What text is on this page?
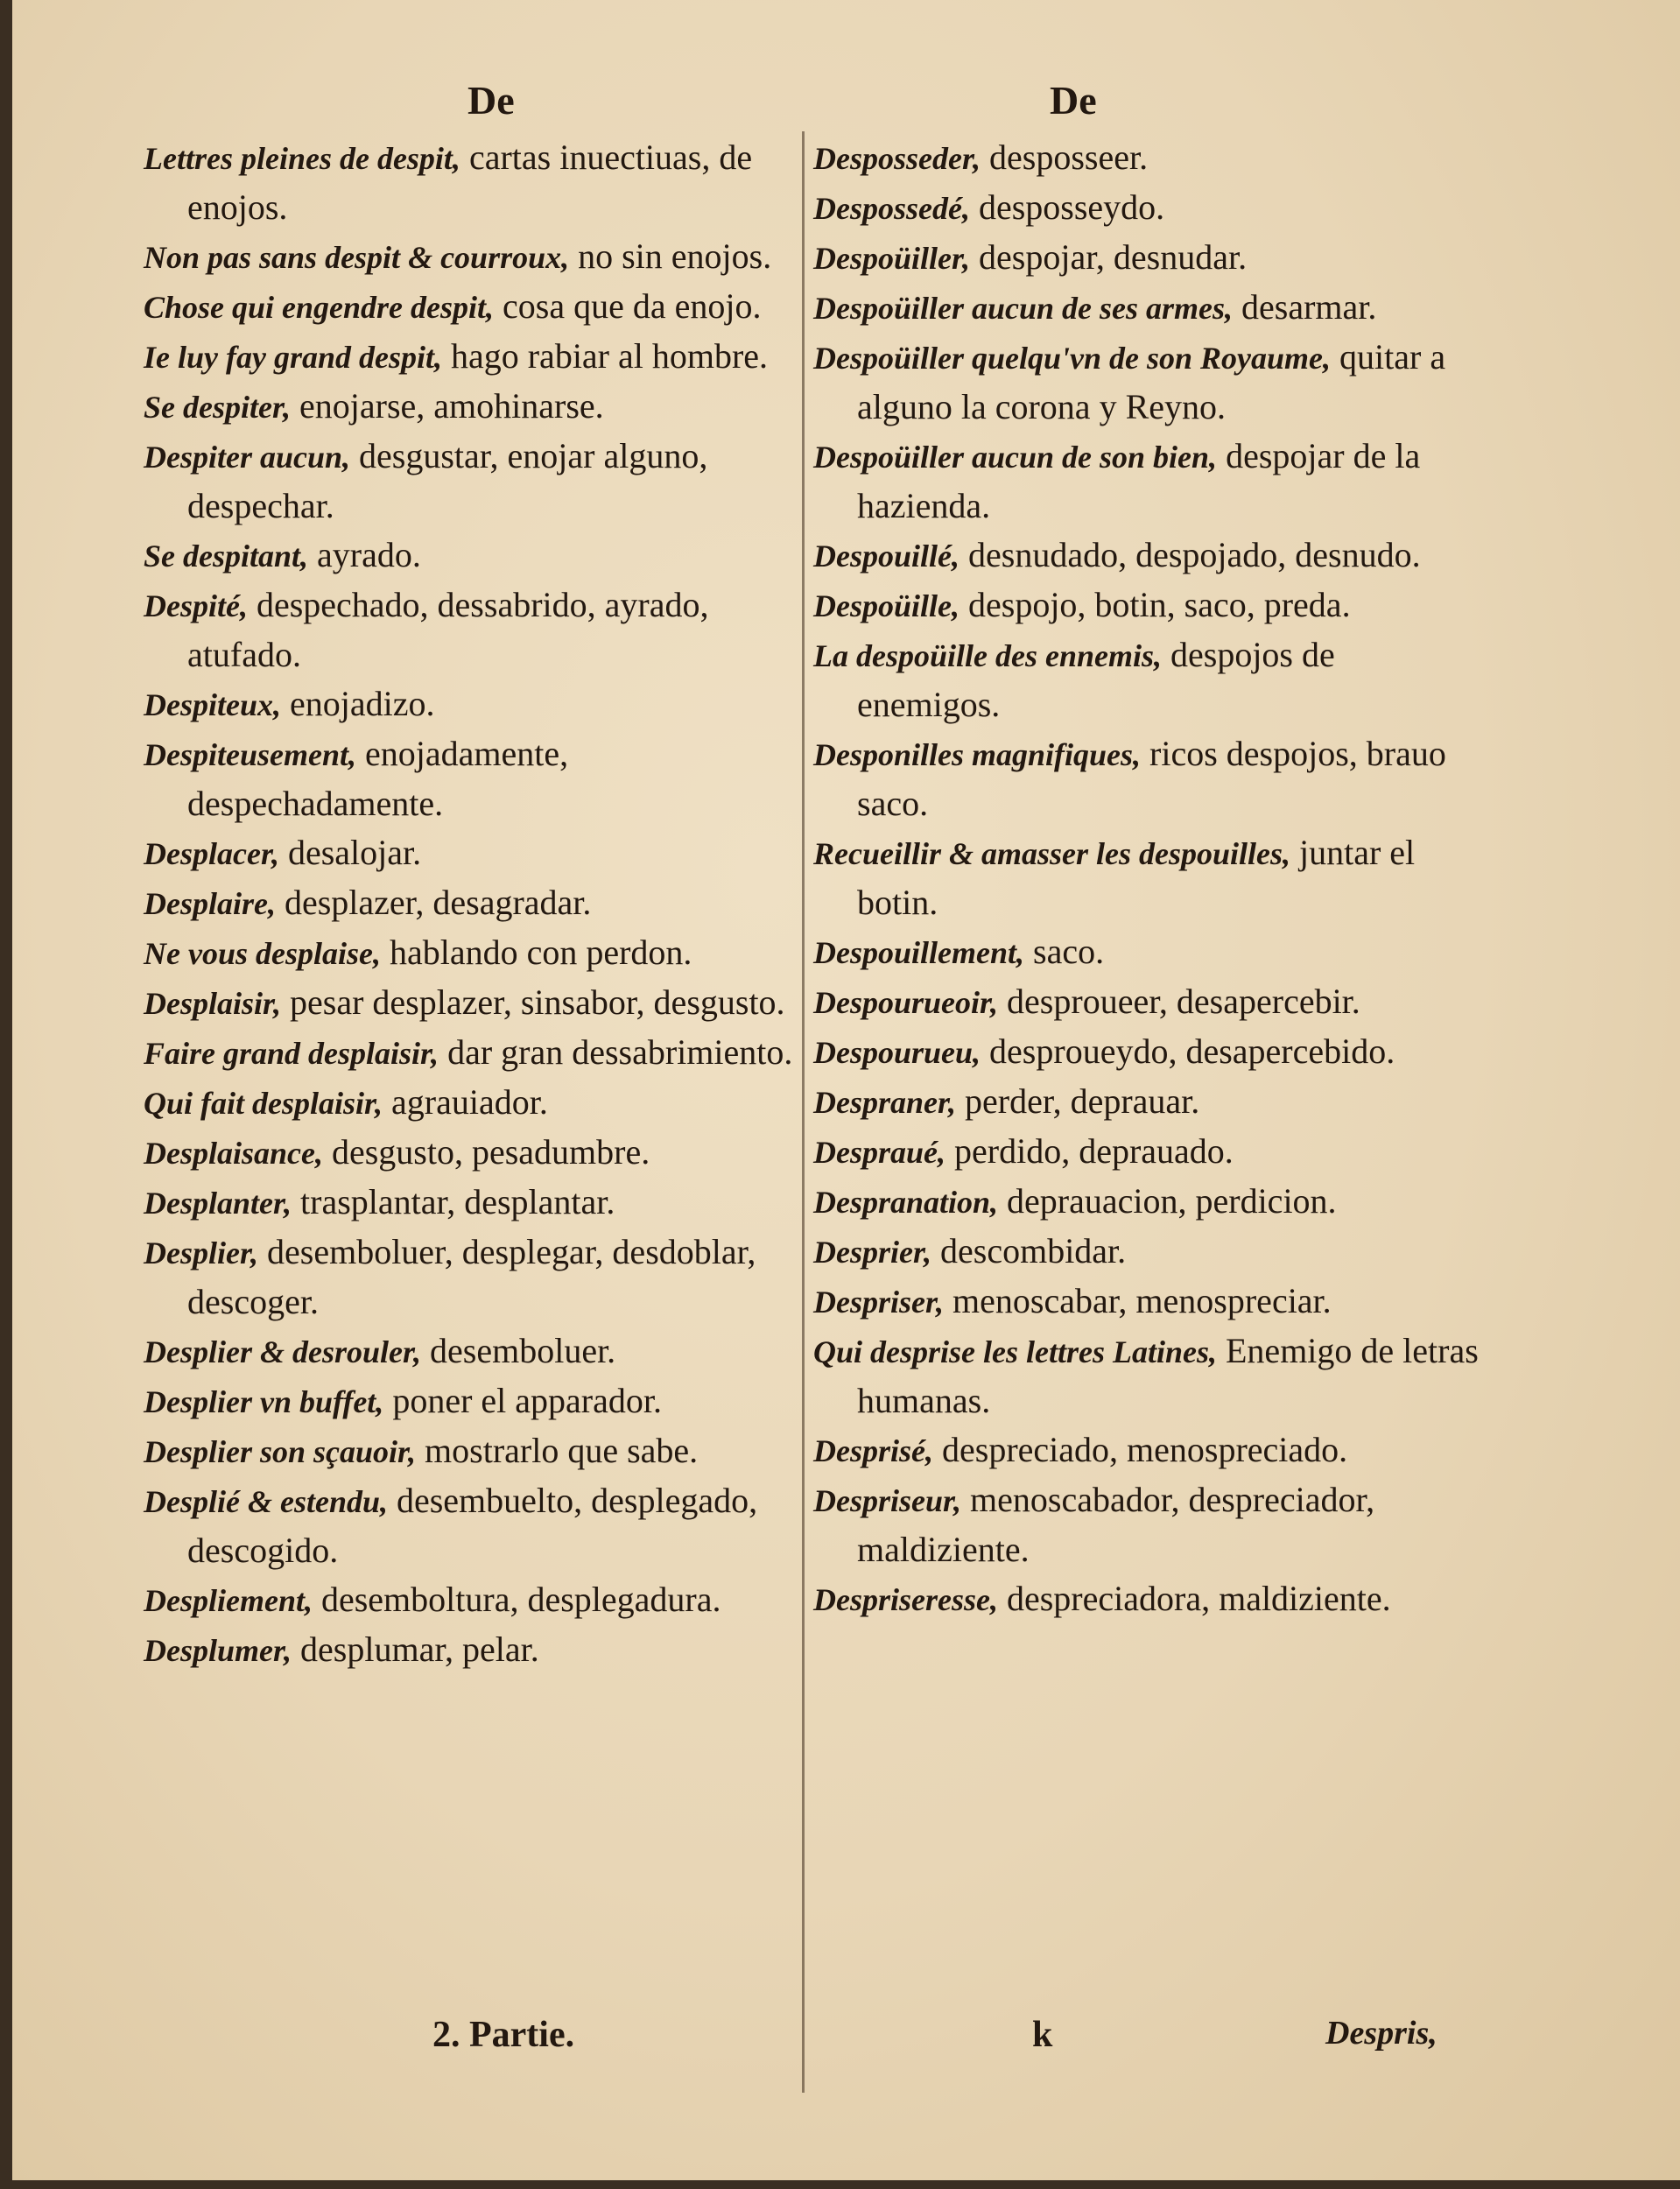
De	De
Lettres pleines de despit, cartas inuectiuas, de enojos.
Non pas sans despit & courroux, no sin enojos.
Chose qui engendre despit, cosa que da enojo.
Ie luy fay grand despit, hago rabiar al hombre.
Se despiter, enojarse, amohinarse.
Despiter aucun, desgustar, enojar alguno, despechar.
Se despitant, ayrado.
Despité, despechado, dessabrido, ayrado, atufado.
Despiteux, enojadizo.
Despiteusement, enojadamente, despechadamente.
Desplacer, desalojar.
Desplaire, desplazer, desagradar.
Ne vous desplaise, hablando con perdon.
Desplaisir, pesar desplazer, sinsabor, desgusto.
Faire grand desplaisir, dar gran dessabrimiento.
Qui fait desplaisir, agrauiador.
Desplaisance, desgusto, pesadumbre.
Desplanter, trasplantar, desplantar.
Desplier, desemboluer, desplegar, desdoblar, descoger.
Desplier & desrouler, desemboluer.
Desplier vn buffet, poner el apparador.
Desplier son sçauoir, mostrarlo que sabe.
Desplié & estendu, desembuelto, desplegado, descogido.
Despliement, desemboltura, desplegadura.
Desplumer, desplumar, pelar.
Desposseder, desposseer.
Despossedé, desposseydo.
Despoüiller, despojar, desnudar.
Despoüiller aucun de ses armes, desarmar.
Despoüiller quelqu'vn de son Royaume, quitar a alguno la corona y Reyno.
Despoüiller aucun de son bien, despojar de la hazienda.
Despouillé, desnudado, despojado, desnudo.
Despoüille, despojo, botin, saco, preda.
La despoüille des ennemis, despojos de enemigos.
Desponilles magnifiques, ricos despojos, brauo saco.
Recueillir & amasser les despouilles, juntar el botin.
Despouillement, saco.
Despourueoir, desproueer, desapercebir.
Despourueu, desproueydo, desapercebido.
Despraner, perder, deprauar.
Despraué, perdido, deprauado.
Despranation, deprauacion, perdicion.
Desprier, descombidar.
Despriser, menoscabar, menospreciar.
Qui desprise les lettres Latines, Enemigo de letras humanas.
Desprisé, despreciado, menospreciado.
Despriseur, menoscabador, despreciador, maldiziente.
Despriseresse, despreciadora, maldiziente.
2. Partie.	k	Despris,
